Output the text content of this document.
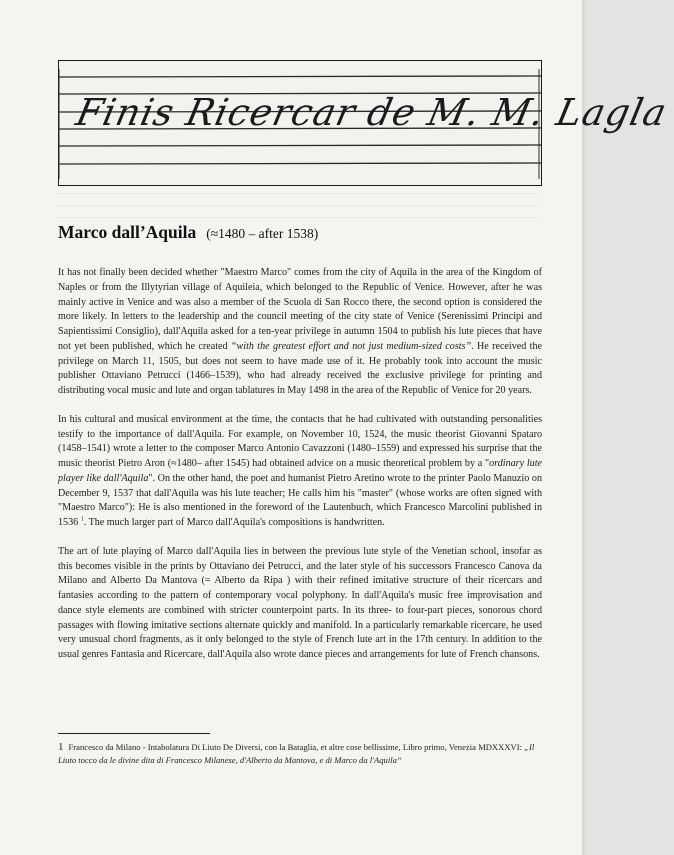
Finis Ricercar de M. M. Lagla
Marco dall’Aquila (≈1480 – after 1538)

It has not finally been decided whether "Maestro Marco" comes from the city of Aquila in the area of the Kingdom of Naples or from the Illytyrian village of Aquileia, which belonged to the Republic of Venice. However, after he was mainly active in Venice and was also a member of the Scuola di San Rocco there, the second option is considered the more likely. In letters to the leadership and the council meeting of the city state of Venice (Serenissimi Principi and Sapientissimi Consiglio), dall'Aquila asked for a ten-year privilege in autumn 1504 to publish his lute pieces that have not yet been published, which he created “with the greatest effort and not just medium-sized costs”. He received the privilege on March 11, 1505, but does not seem to have made use of it. He probably took into account the music publisher Ottaviano Petrucci (1466–1539), who had already received the exclusive privilege for printing and distributing vocal music and lute and organ tablatures in May 1498 in the area of the Republic of Venice for 20 years.

In his cultural and musical environment at the time, the contacts that he had cultivated with outstanding personalities testify to the importance of dall'Aquila. For example, on November 10, 1524, the music theorist Giovanni Spataro (1458–1541) wrote a letter to the composer Marco Antonio Cavazzoni (1480–1559) and expressed his surprise that the music theorist Pietro Aron (≈1480– after 1545) had obtained advice on a music theoretical problem by a "ordinary lute player like dall'Aquila". On the other hand, the poet and humanist Pietro Aretino wrote to the printer Paolo Manuzio on December 9, 1537 that dall'Aquila was his lute teacher; He calls him his "master" (whose works are often signed with "Maestro Marco"): He is also mentioned in the foreword of the Lautenbuch, which Francesco Marcolini published in 1536 $^1$. The much larger part of Marco dall'Aquila's compositions is handwritten.

The art of lute playing of Marco dall'Aquila lies in between the previous lute style of the Venetian school, insofar as this becomes visible in the prints by Ottaviano dei Petrucci, and the later style of his successors Francesco Canova da Milano and Alberto Da Mantova (= Alberto da Ripa ) with their refined imitative structure of their ricercars and fantasies according to the pattern of contemporary vocal polyphony. In dall'Aquila's music free improvisation and dance style elements are combined with stricter counterpoint parts. In its three- to four-part pieces, sonorous chord passages with flowing imitative sections alternate quickly and manifold. In a particularly remarkable ricercare, he used very unusual chord fragments, as it only belonged to the style of French lute art in the 17th century. In addition to the usual genres Fantasia and Ricercare, dall'Aquila also wrote dance pieces and arrangements for lute of French chansons.

1 Francesco da Milano - Intabolatura Di Liuto De Diversi, con la Bataglia, et altre cose bellissime, Libro primo, Venezia MDXXXVI: „Il Liuto tocco da le divine dita di Francesco Milanese, d'Alberto da Mantova, e di Marco da l'Aquila“
